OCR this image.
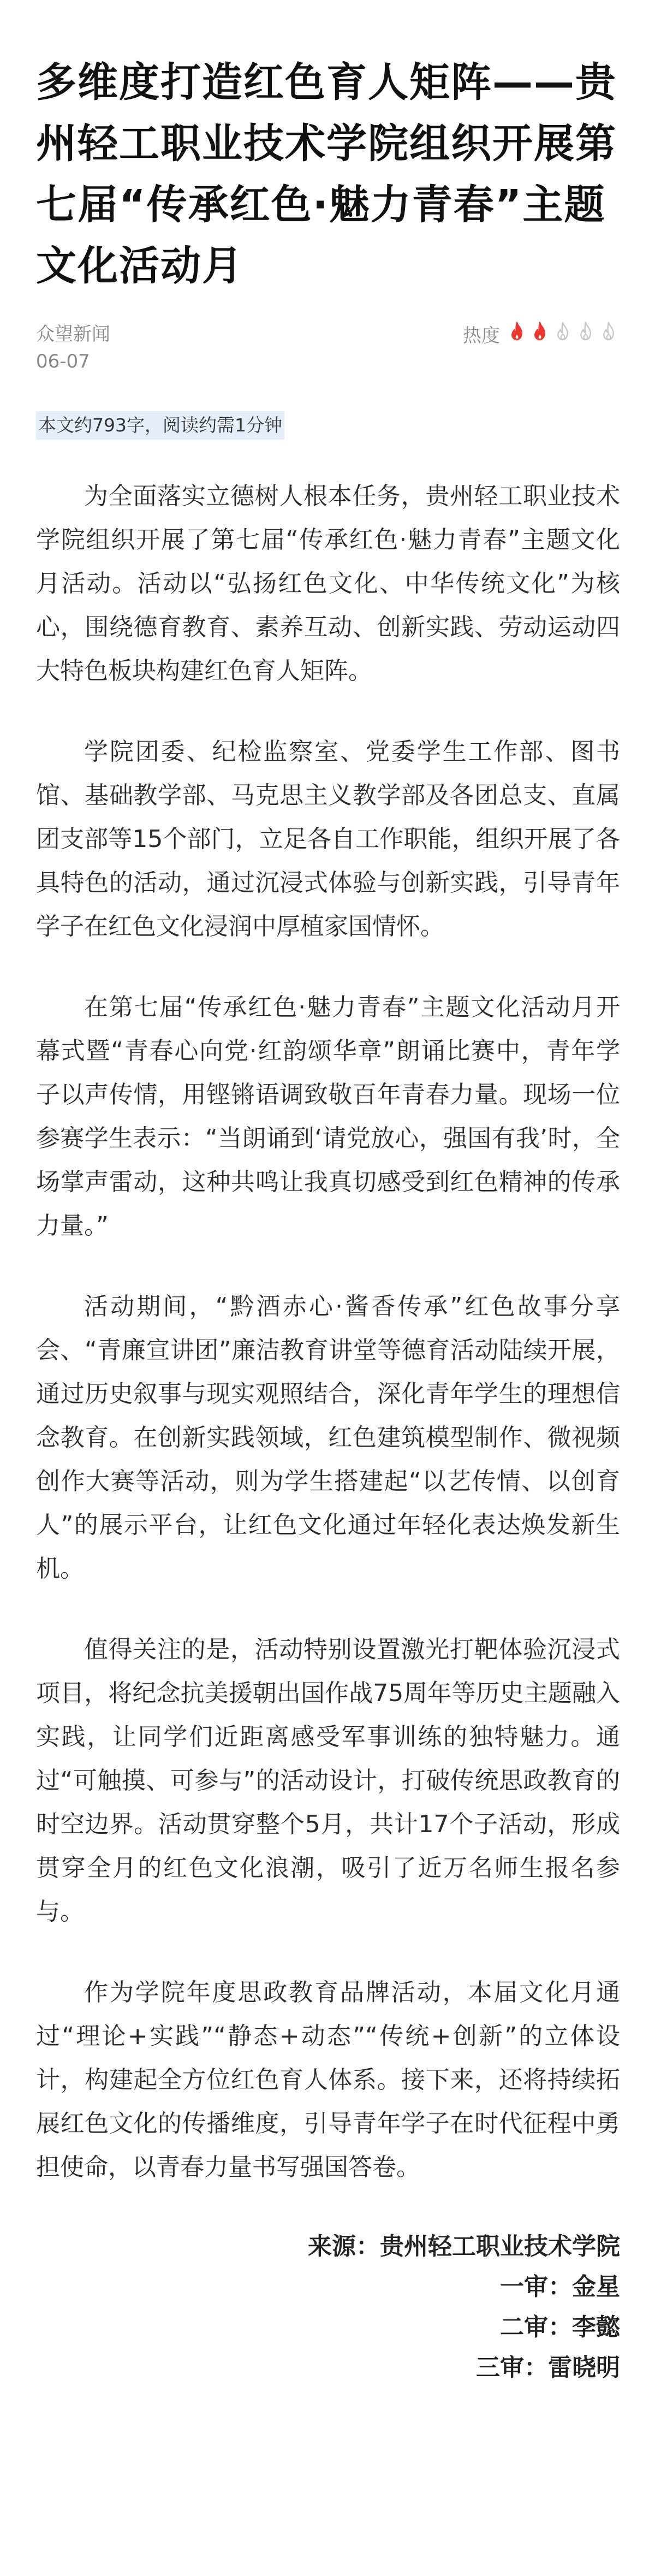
多维度打造红色育人矩阵——贵州轻工职业技术学院组织开展第七届“传承红色·魅力青春”主题文化活动月
众望新闻
06-07
热度
本文约793字，阅读约需1分钟

为全面落实立德树人根本任务，贵州轻工职业技术学院组织开展了第七届“传承红色·魅力青春”主题文化月活动。活动以“弘扬红色文化、中华传统文化”为核心，围绕德育教育、素养互动、创新实践、劳动运动四大特色板块构建红色育人矩阵。

学院团委、纪检监察室、党委学生工作部、图书馆、基础教学部、马克思主义教学部及各团总支、直属团支部等15个部门，立足各自工作职能，组织开展了各具特色的活动，通过沉浸式体验与创新实践，引导青年学子在红色文化浸润中厚植家国情怀。

在第七届“传承红色·魅力青春”主题文化活动月开幕式暨“青春心向党·红韵颂华章”朗诵比赛中，青年学子以声传情，用铿锵语调致敬百年青春力量。现场一位参赛学生表示：“当朗诵到‘请党放心，强国有我’时，全场掌声雷动，这种共鸣让我真切感受到红色精神的传承力量。”

活动期间，“黔酒赤心·酱香传承”红色故事分享会、“青廉宣讲团”廉洁教育讲堂等德育活动陆续开展，通过历史叙事与现实观照结合，深化青年学生的理想信念教育。在创新实践领域，红色建筑模型制作、微视频创作大赛等活动，则为学生搭建起“以艺传情、以创育人”的展示平台，让红色文化通过年轻化表达焕发新生机。

值得关注的是，活动特别设置激光打靶体验沉浸式项目，将纪念抗美援朝出国作战75周年等历史主题融入实践，让同学们近距离感受军事训练的独特魅力。通过“可触摸、可参与”的活动设计，打破传统思政教育的时空边界。活动贯穿整个5月，共计17个子活动，形成贯穿全月的红色文化浪潮，吸引了近万名师生报名参与。

作为学院年度思政教育品牌活动，本届文化月通过“理论+实践”“静态+动态”“传统+创新”的立体设计，构建起全方位红色育人体系。接下来，还将持续拓展红色文化的传播维度，引导青年学子在时代征程中勇担使命，以青春力量书写强国答卷。

来源：贵州轻工职业技术学院
一审：金星
二审：李懿
三审：雷晓明
